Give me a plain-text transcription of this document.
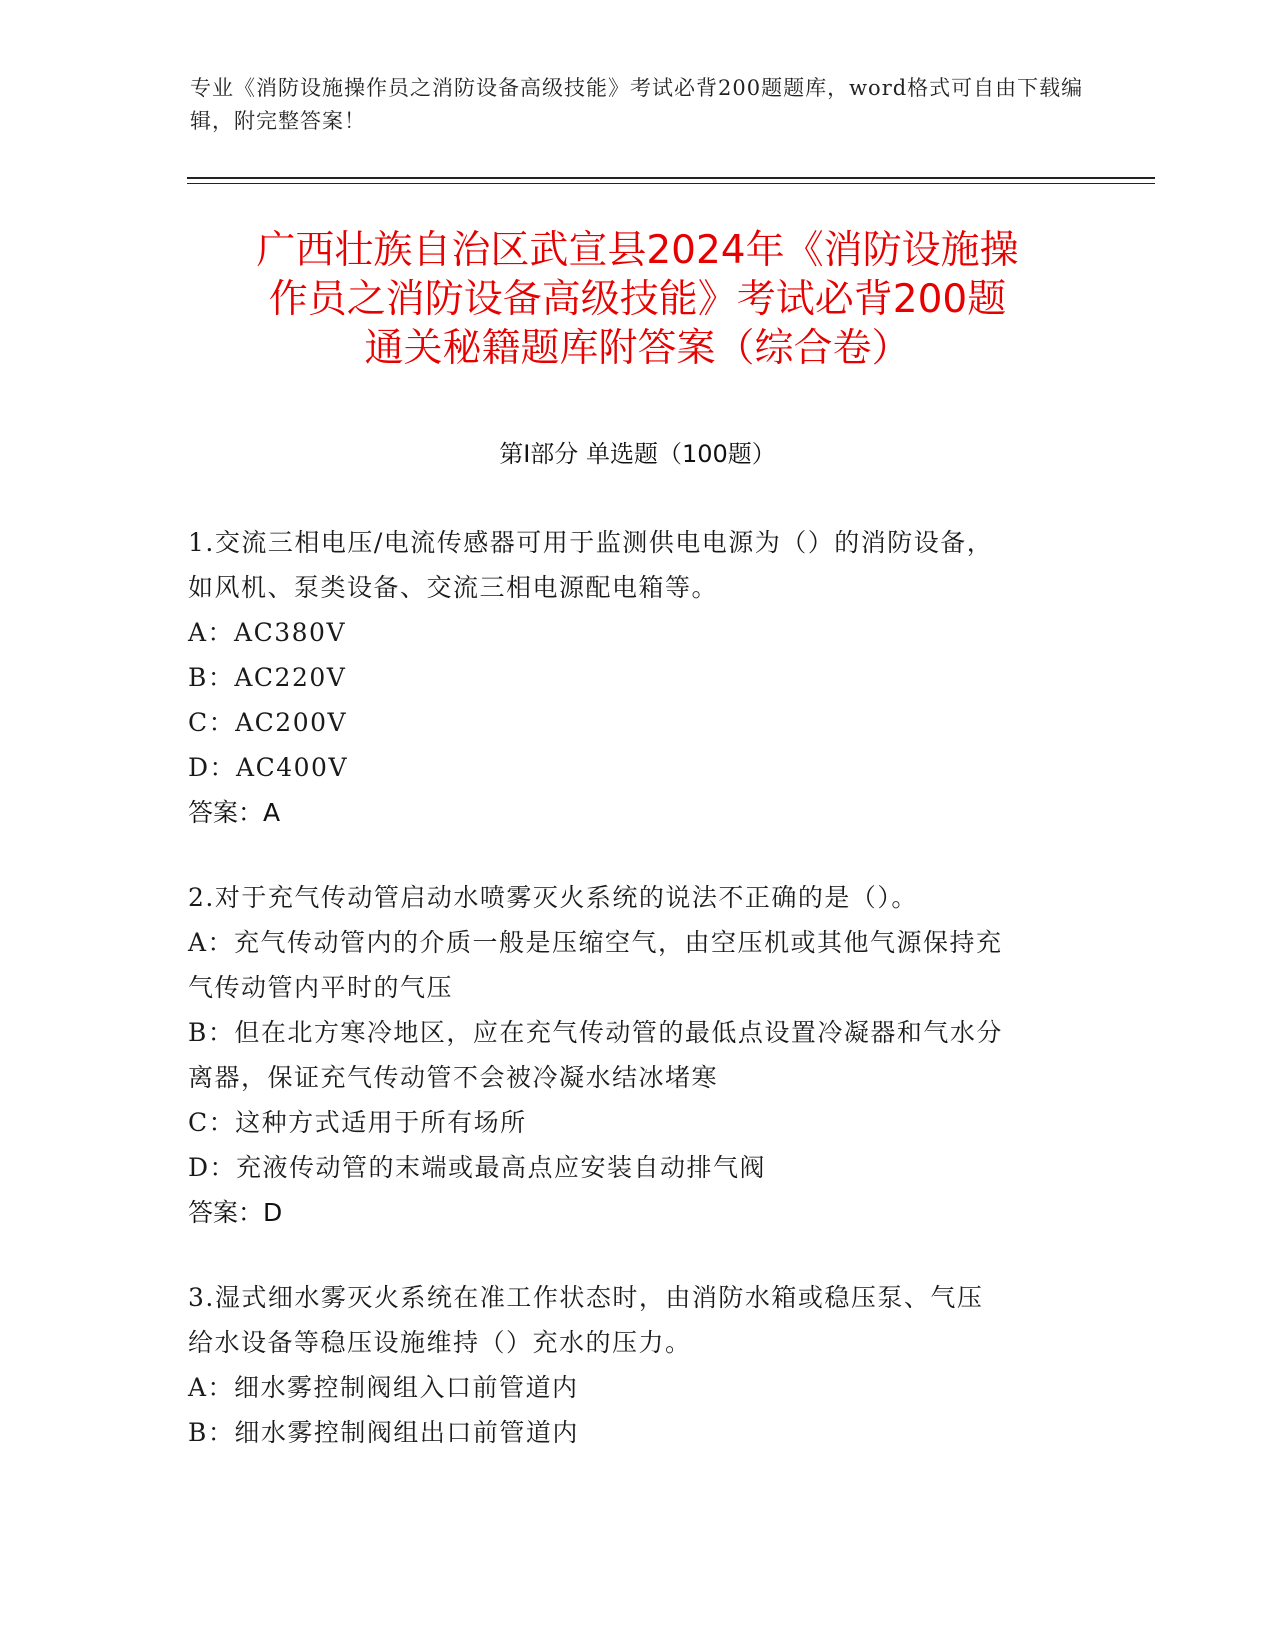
专业《消防设施操作员之消防设备高级技能》考试必背200题题库，word格式可自由下载编辑，附完整答案！
广西壮族自治区武宣县2024年《消防设施操
作员之消防设备高级技能》考试必背200题
通关秘籍题库附答案（综合卷）
第Ⅰ部分 单选题（100题）
1.交流三相电压/电流传感器可用于监测供电电源为（）的消防设备，
如风机、泵类设备、交流三相电源配电箱等。
A：AC380V
B：AC220V
C：AC200V
D：AC400V
答案：A
2.对于充气传动管启动水喷雾灭火系统的说法不正确的是（）。
A：充气传动管内的介质一般是压缩空气，由空压机或其他气源保持充
气传动管内平时的气压
B：但在北方寒冷地区，应在充气传动管的最低点设置冷凝器和气水分
离器，保证充气传动管不会被冷凝水结冰堵寒
C：这种方式适用于所有场所
D：充液传动管的末端或最高点应安装自动排气阀
答案：D
3.湿式细水雾灭火系统在准工作状态时，由消防水箱或稳压泵、气压
给水设备等稳压设施维持（）充水的压力。
A：细水雾控制阀组入口前管道内
B：细水雾控制阀组出口前管道内
